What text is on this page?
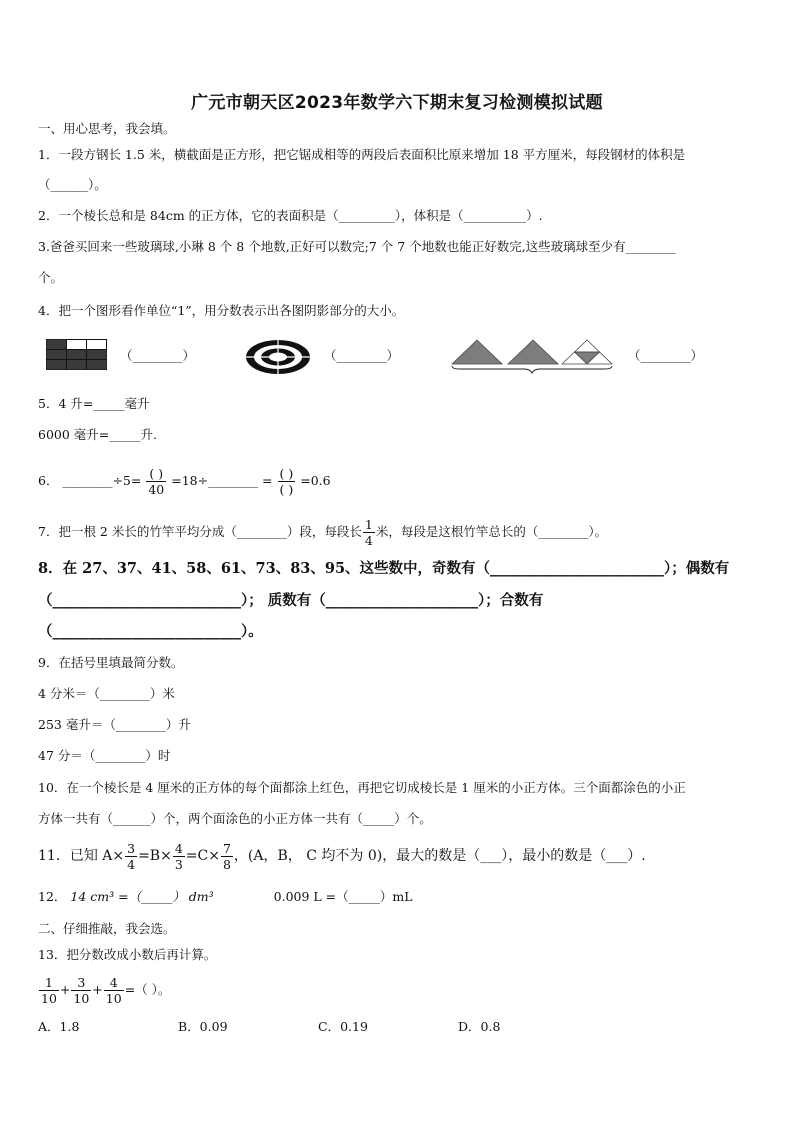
广元市朝天区2023年数学六下期末复习检测模拟试题
一、用心思考，我会填。
1．一段方钢长 1.5 米，横截面是正方形，把它锯成相等的两段后表面积比原来增加 18 平方厘米，每段钢材的体积是
（______）。
2．一个棱长总和是 84cm 的正方体，它的表面积是（_________），体积是（__________）.
3.爸爸买回来一些玻璃球,小琳 8 个 8 个地数,正好可以数完;7 个 7 个地数也能正好数完,这些玻璃球至少有________
个。
4．把一个图形看作单位“1”，用分数表示出各图阴影部分的大小。
（________）	（________）	（________）
5．4 升=_____毫升
6000 毫升=_____升.
6． ________÷5= ( )
40
=18÷________ = ( )
( )
=0.6
7．把一根 2 米长的竹竿平均分成（________）段，每段长 $\frac{1}{4}$ 米，每段是这根竹竿总长的（________）。
8．在 27、37、41、58、61、73、83、95、这些数中，奇数有（________________________）；偶数有
（__________________________）； 质数有（_____________________）；合数有
（__________________________）。
9．在括号里填最简分数。
4 分米＝（________）米
253 毫升＝（________）升
47 分＝（________）时
10．在一个棱长是 4 厘米的正方体的每个面都涂上红色，再把它切成棱长是 1 厘米的小正方体。三个面都涂色的小正
方体一共有（______）个，两个面涂色的小正方体一共有（_____）个。
11．已知 $A\times \frac{3}{4} =B\times \frac{4}{3} =C\times \frac{7}{8}$ ，(A，B， C 均不为 0)，最大的数是（___），最小的数是（___）.
12． 14 cm³ =（_____） dm³	0.009 L =（_____）mL
二、仔细推敲，我会选。
13．把分数改成小数后再计算。
$\frac{1}{10} + \frac{3}{10} + \frac{4}{10}$ =（ ）。
A．1.8	B．0.09	C．0.19	D．0.8
